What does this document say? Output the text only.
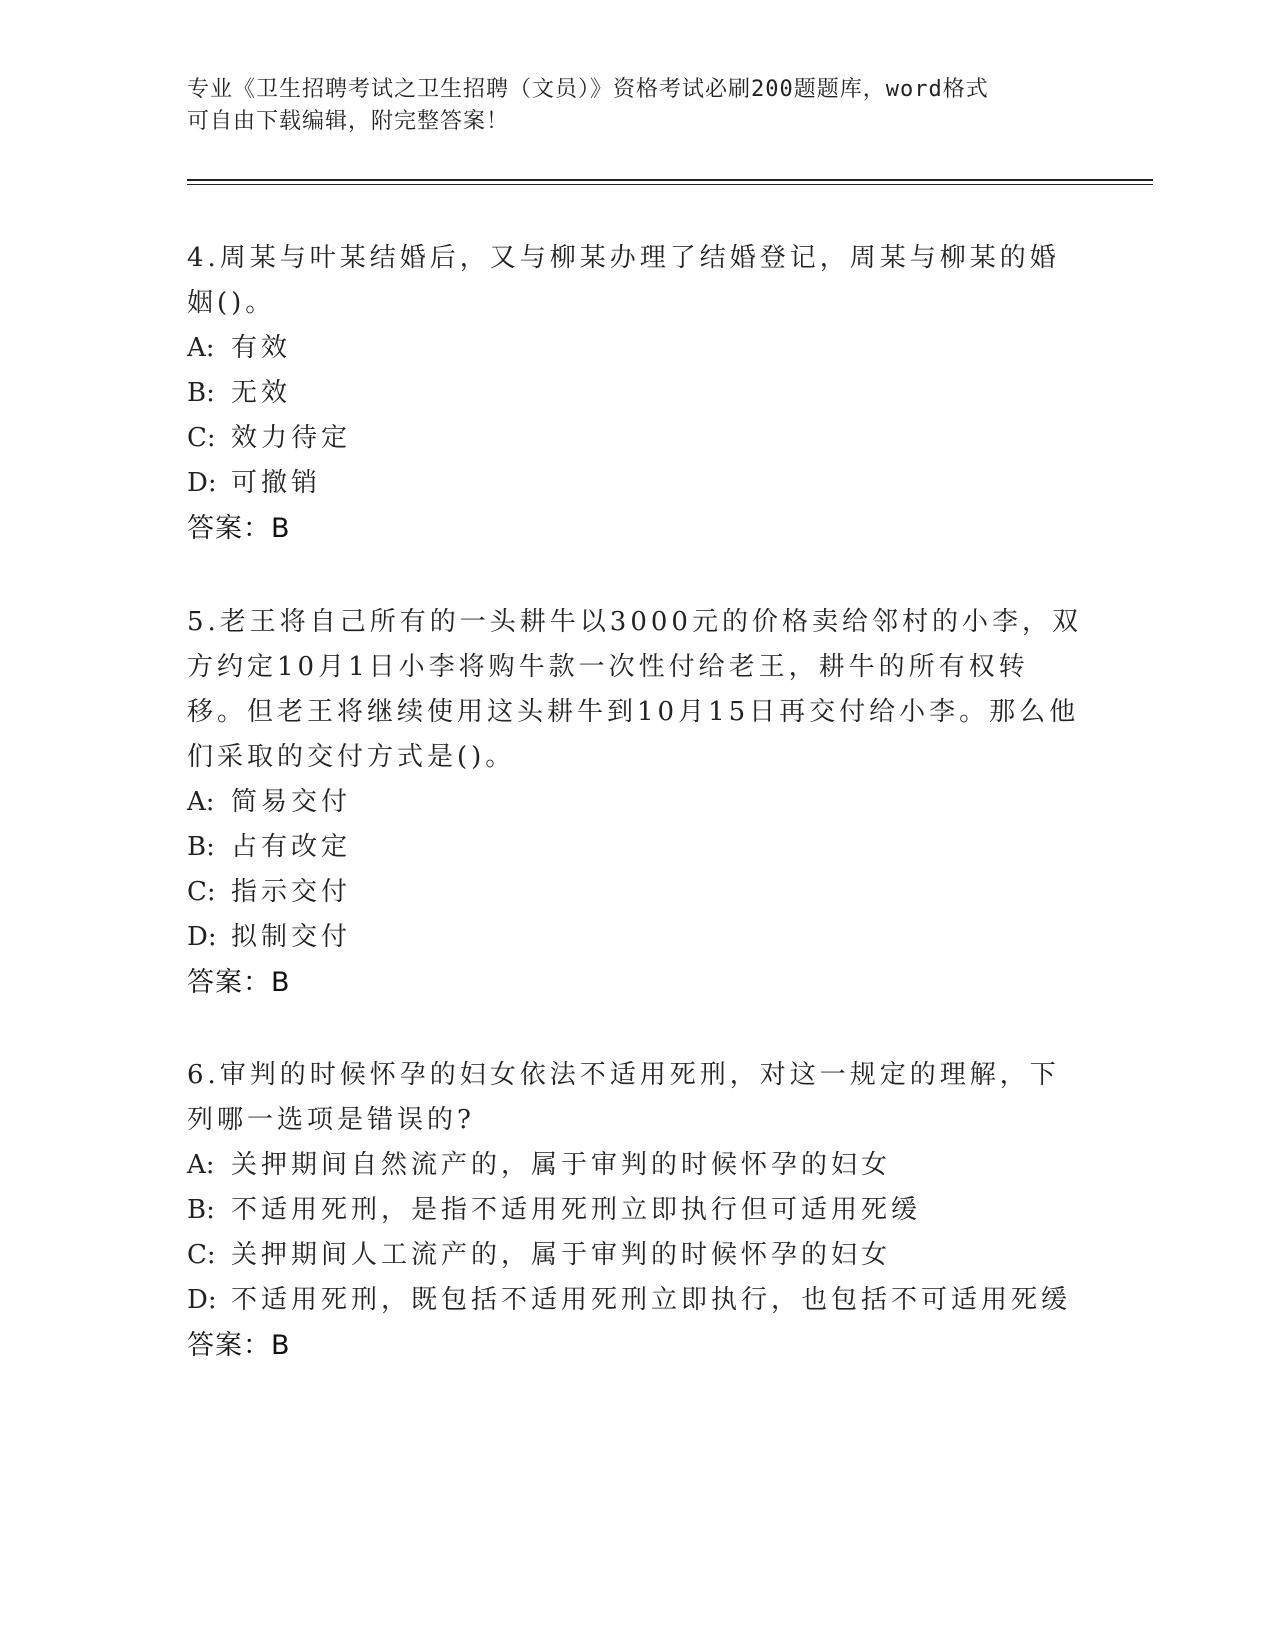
专业《卫生招聘考试之卫生招聘（文员）》资格考试必刷200题题库，word格式
可自由下载编辑，附完整答案！

4.周某与叶某结婚后，又与柳某办理了结婚登记，周某与柳某的婚姻()。

A: 有效

B: 无效

C: 效力待定

D: 可撤销

答案：B

5.老王将自己所有的一头耕牛以3000元的价格卖给邻村的小李，双方约定10月1日小李将购牛款一次性付给老王，耕牛的所有权转移。但老王将继续使用这头耕牛到10月15日再交付给小李。那么他们采取的交付方式是()。

A: 简易交付

B: 占有改定

C: 指示交付

D: 拟制交付

答案：B

6.审判的时候怀孕的妇女依法不适用死刑，对这一规定的理解，下列哪一选项是错误的?

A: 关押期间自然流产的，属于审判的时候怀孕的妇女

B: 不适用死刑，是指不适用死刑立即执行但可适用死缓

C: 关押期间人工流产的，属于审判的时候怀孕的妇女

D: 不适用死刑，既包括不适用死刑立即执行，也包括不可适用死缓

答案：B
